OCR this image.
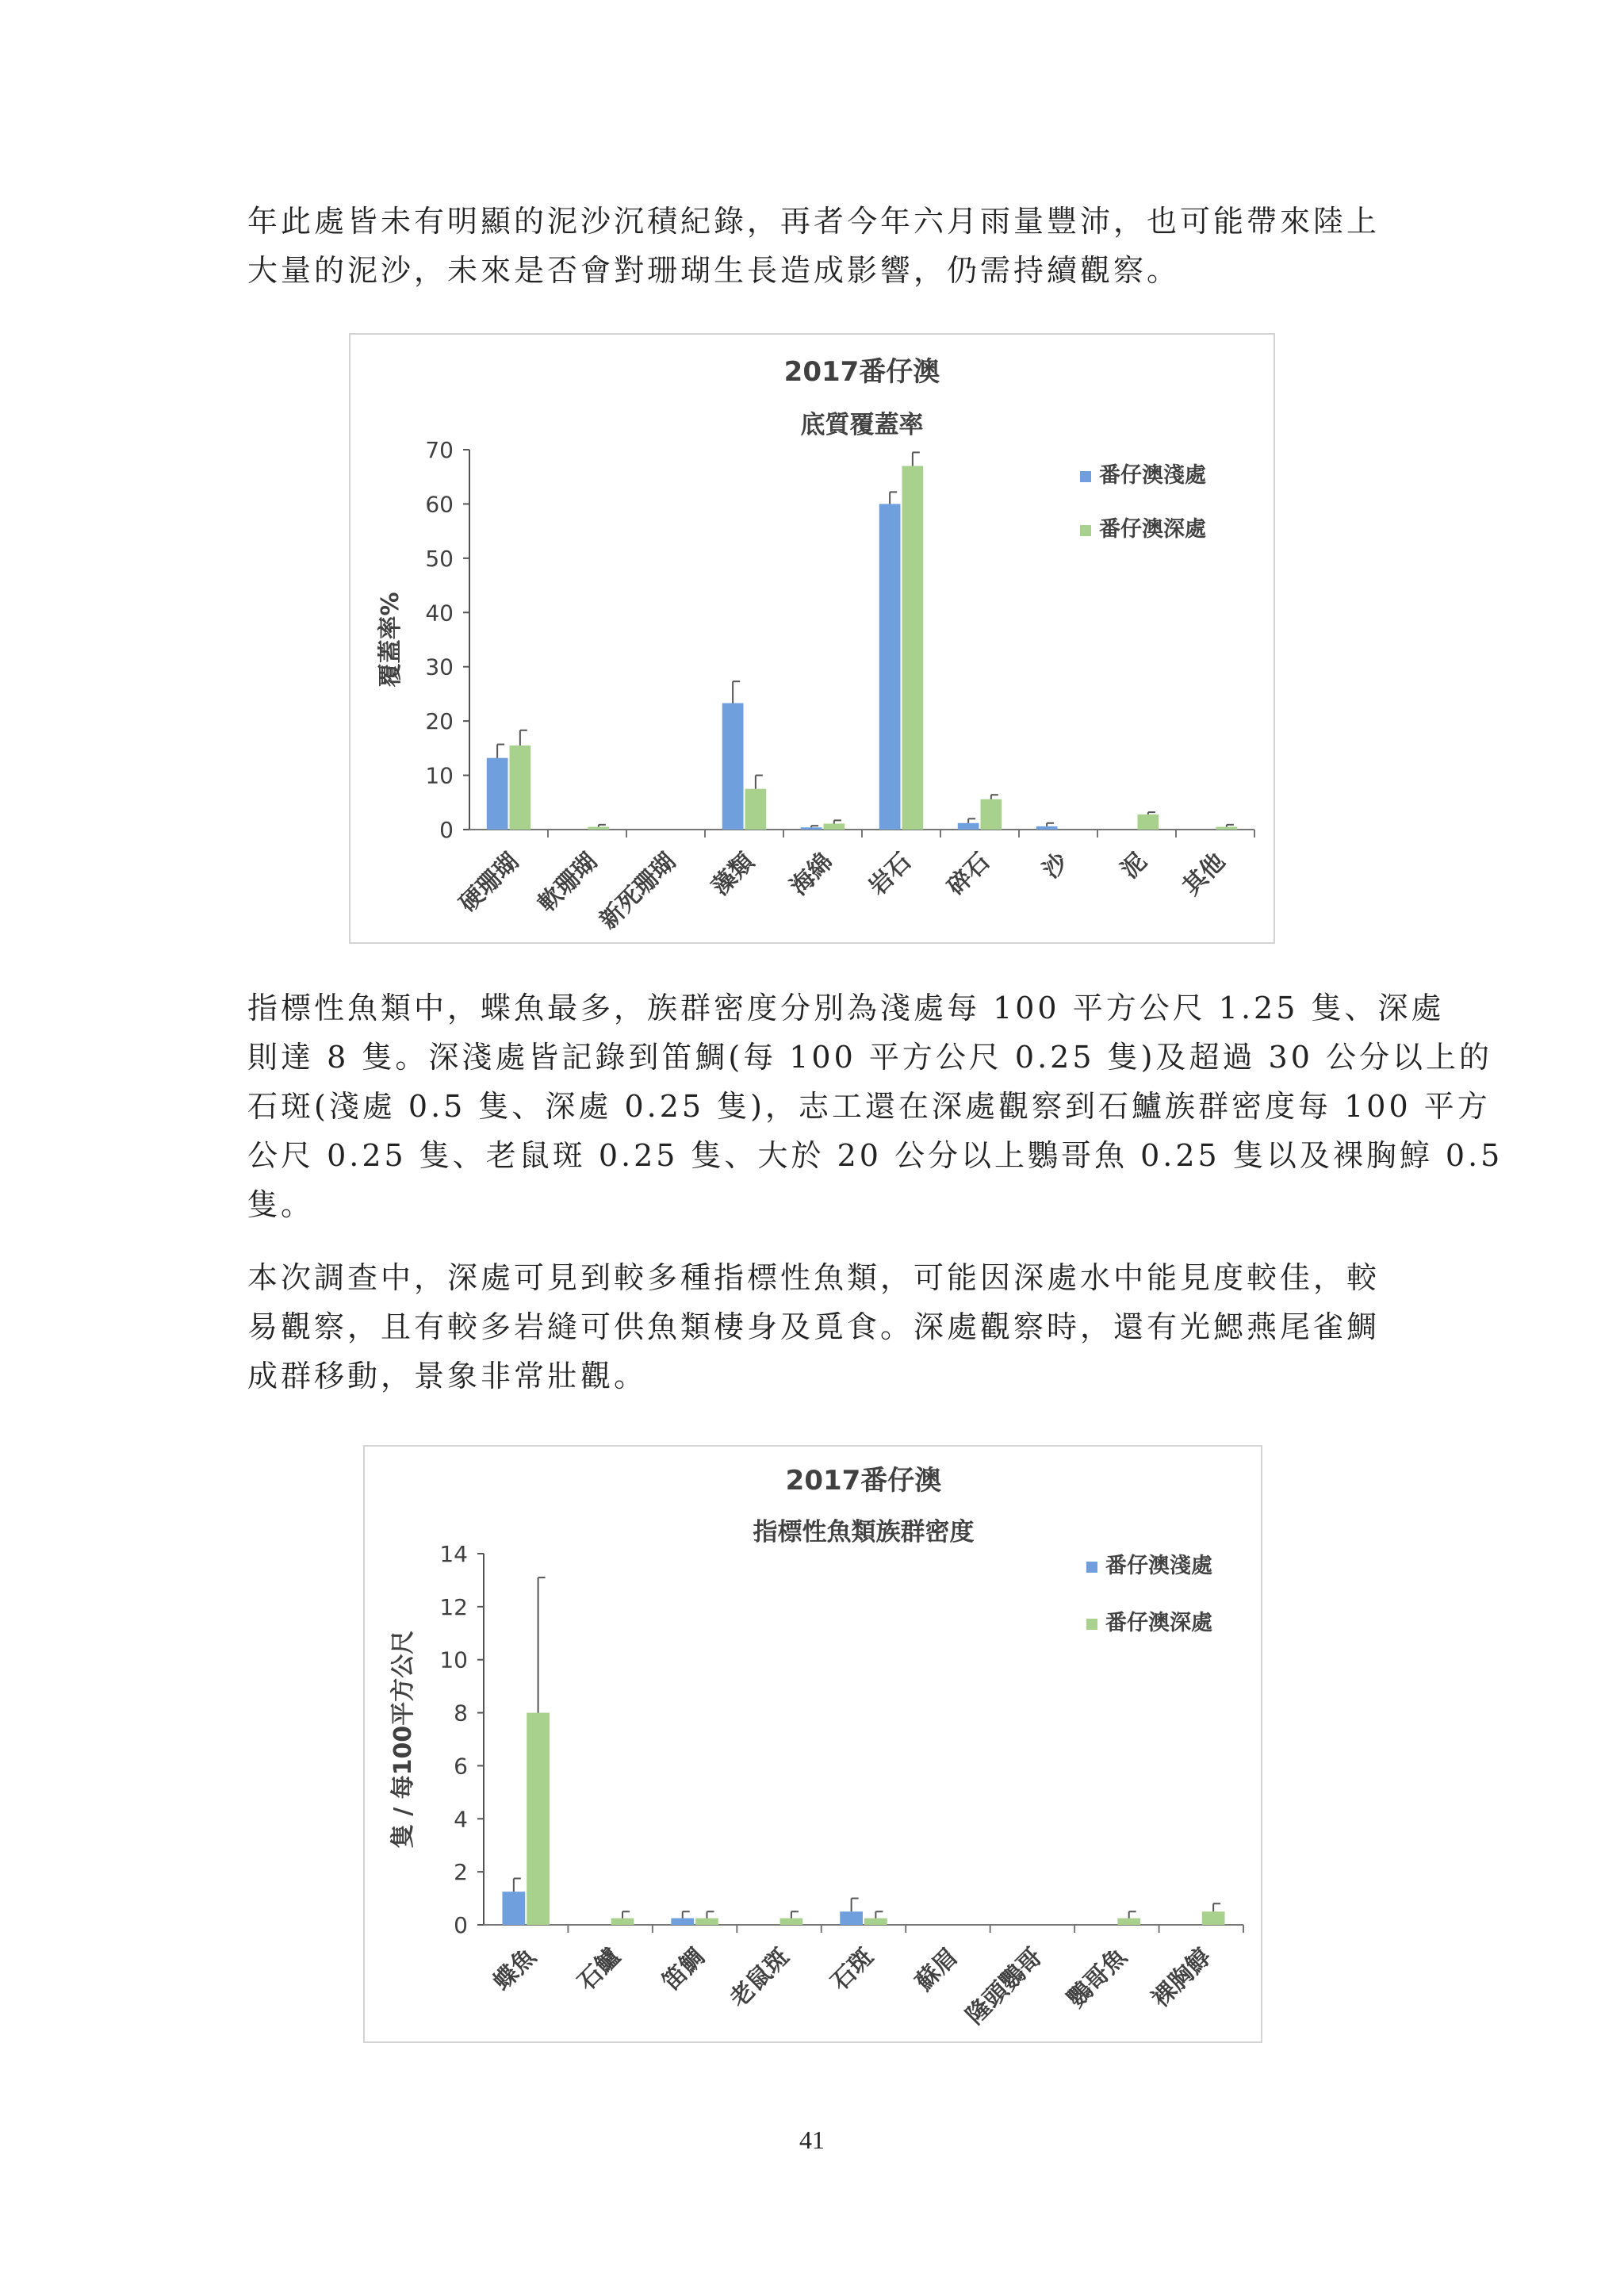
年此處皆未有明顯的泥沙沉積紀錄，再者今年六月雨量豐沛，也可能帶來陸上
大量的泥沙，未來是否會對珊瑚生長造成影響，仍需持續觀察。
2017番仔澳
底質覆蓋率
覆蓋率%
0
10
20
30
40
50
60
70
硬珊瑚 軟珊瑚
新死珊瑚 藻類 海綿 岩石 碎石 沙 泥 其他
番仔澳淺處
番仔澳深處
指標性魚類中，蝶魚最多，族群密度分別為淺處每 100 平方公尺 1.25 隻、深處
則達 8 隻。深淺處皆記錄到笛鯛(每 100 平方公尺 0.25 隻)及超過 30 公分以上的
石斑(淺處 0.5 隻、深處 0.25 隻)，志工還在深處觀察到石鱸族群密度每 100 平方
公尺 0.25 隻、老鼠斑 0.25 隻、大於 20 公分以上鸚哥魚 0.25 隻以及裸胸鯙 0.5
隻。
本次調查中，深處可見到較多種指標性魚類，可能因深處水中能見度較佳，較
易觀察，且有較多岩縫可供魚類棲身及覓食。深處觀察時，還有光鰓燕尾雀鯛
成群移動，景象非常壯觀。
2017番仔澳
指標性魚類族群密度
隻 / 每100平方公尺
0
2
4
6
8
10
12
14
蝶魚 石鱸 笛鯛 老鼠斑 石斑 蘇眉
隆頭鸚哥 鸚哥魚 裸胸鯙
番仔澳淺處
番仔澳深處
41
